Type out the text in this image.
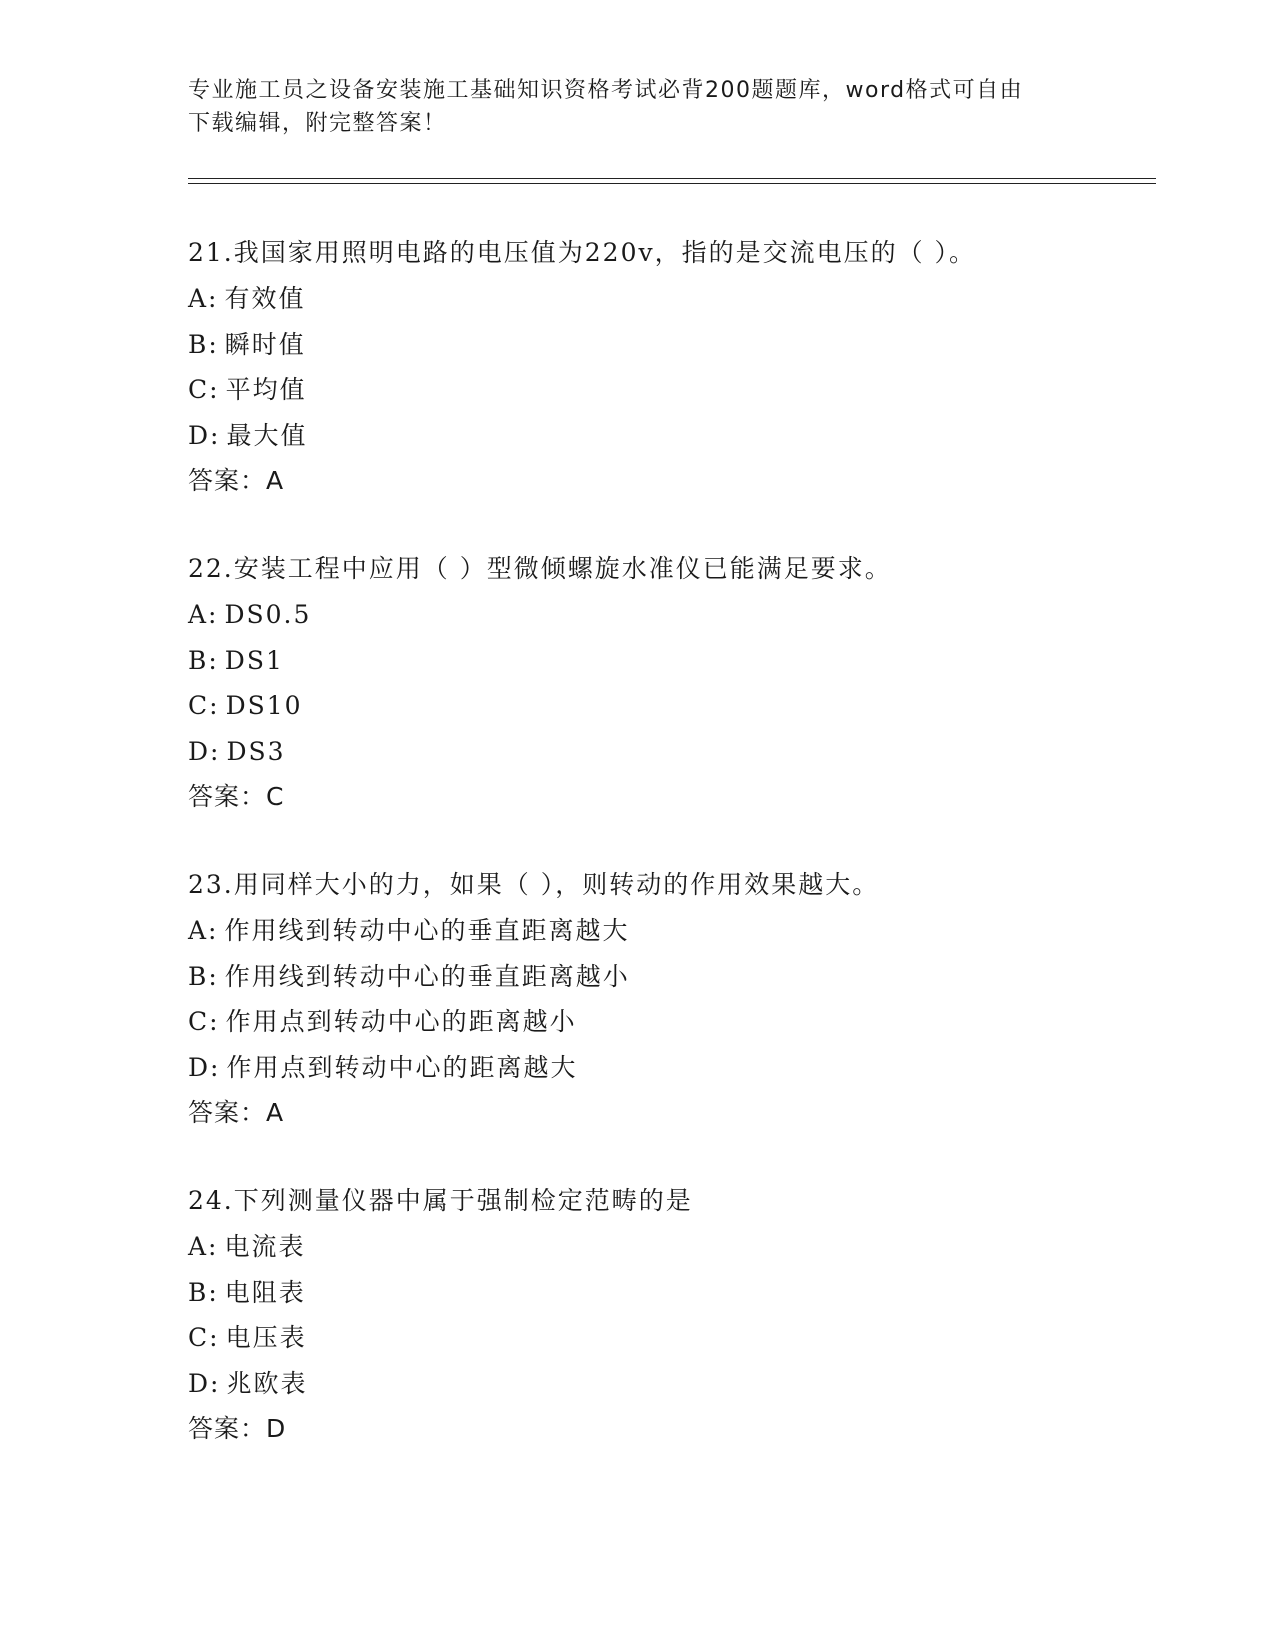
专业施工员之设备安装施工基础知识资格考试必背200题题库，word格式可自由
下载编辑，附完整答案！
21.我国家用照明电路的电压值为220v，指的是交流电压的（ ）。
A: 有效值
B: 瞬时值
C: 平均值
D: 最大值
答案：A
22.安装工程中应用（ ）型微倾螺旋水准仪已能满足要求。
A: DS0.5
B: DS1
C: DS10
D: DS3
答案：C
23.用同样大小的力，如果（ ），则转动的作用效果越大。
A: 作用线到转动中心的垂直距离越大
B: 作用线到转动中心的垂直距离越小
C: 作用点到转动中心的距离越小
D: 作用点到转动中心的距离越大
答案：A
24.下列测量仪器中属于强制检定范畴的是
A: 电流表
B: 电阻表
C: 电压表
D: 兆欧表
答案：D
